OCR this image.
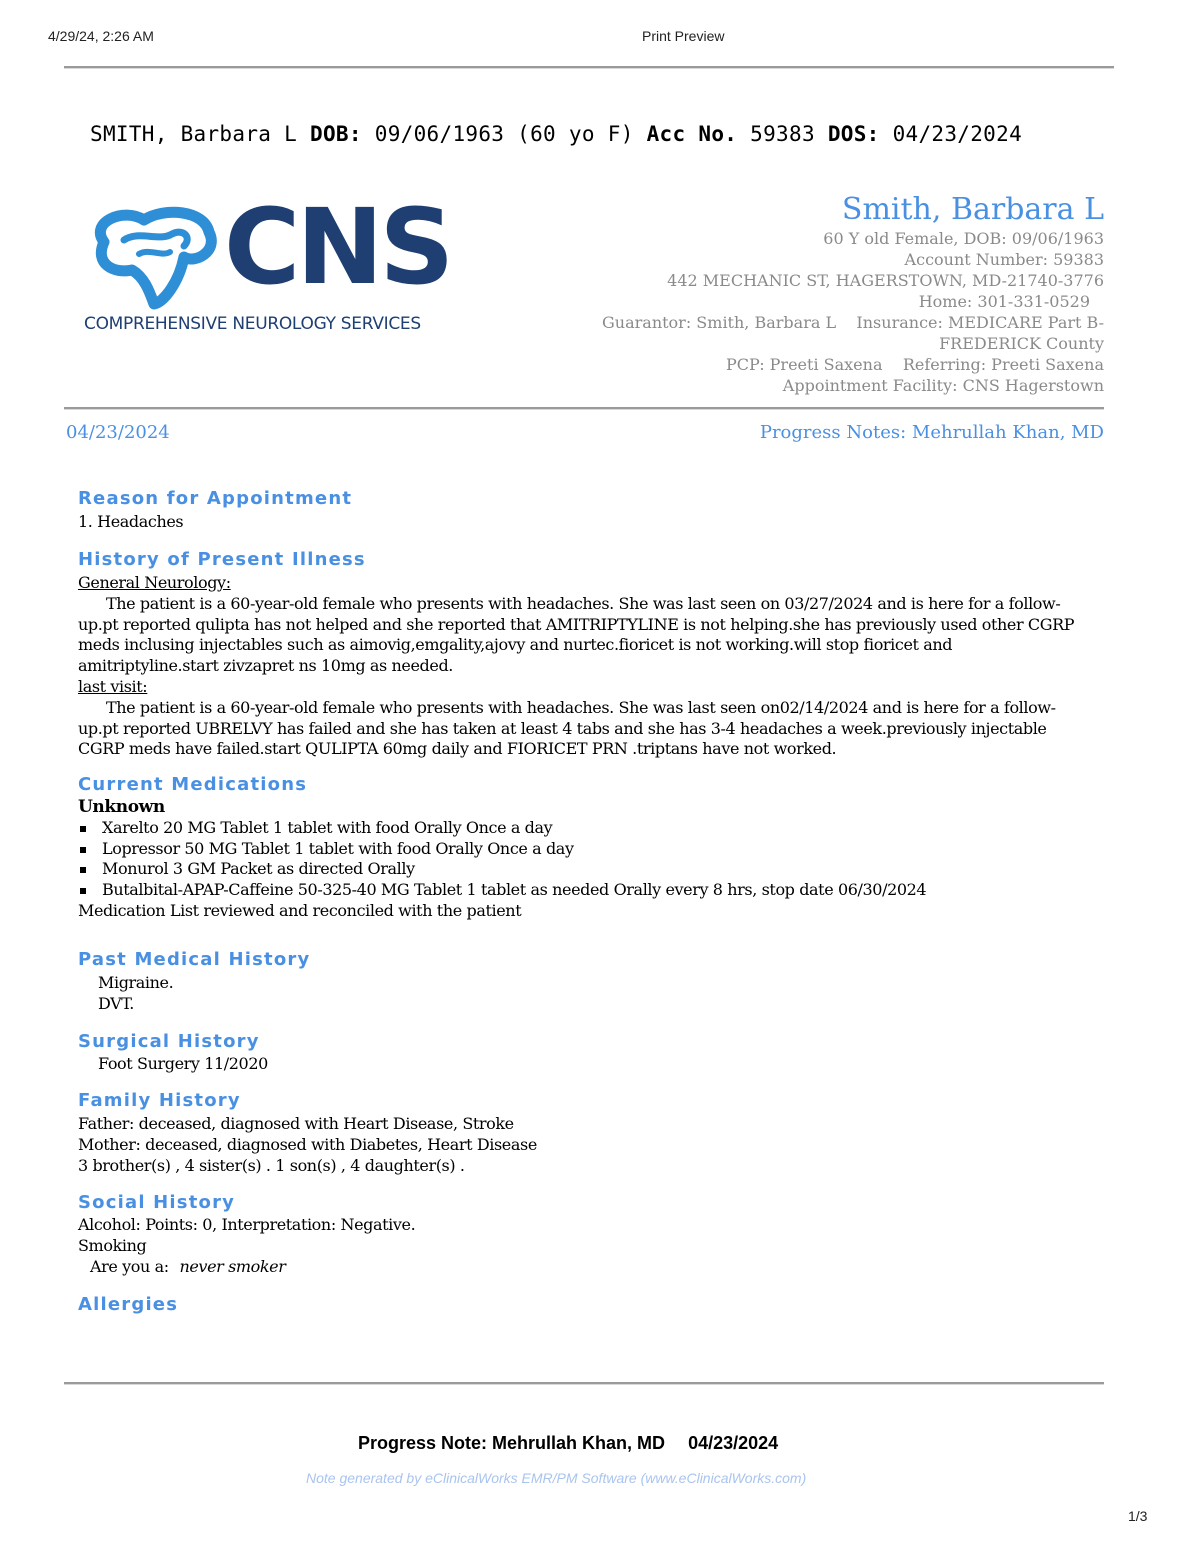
4/29/24, 2:26 AM	Print Preview
SMITH, Barbara L DOB: 09/06/1963 (60 yo F) Acc No. 59383 DOS: 04/23/2024
CNS
COMPREHENSIVE NEUROLOGY SERVICES
Smith, Barbara L
60 Y old Female, DOB: 09/06/1963
Account Number: 59383
442 MECHANIC ST, HAGERSTOWN, MD-21740-3776
Home: 301-331-0529
Guarantor: Smith, Barbara L    Insurance: MEDICARE Part B-
FREDERICK County
PCP: Preeti Saxena    Referring: Preeti Saxena
Appointment Facility: CNS Hagerstown
04/23/2024	Progress Notes: Mehrullah Khan, MD
Reason for Appointment
1. Headaches
History of Present Illness
General Neurology:
The patient is a 60-year-old female who presents with headaches. She was last seen on 03/27/2024 and is here for a follow-up.pt reported qulipta has not helped and she reported that AMITRIPTYLINE is not helping.she has previously used other CGRP meds inclusing injectables such as aimovig,emgality,ajovy and nurtec.fioricet is not working.will stop fioricet and amitriptyline.start zivzapret ns 10mg as needed.
last visit:
The patient is a 60-year-old female who presents with headaches. She was last seen on02/14/2024 and is here for a follow-up.pt reported UBRELVY has failed and she has taken at least 4 tabs and she has 3-4 headaches a week.previously injectable CGRP meds have failed.start QULIPTA 60mg daily and FIORICET PRN .triptans have not worked.
Current Medications
Unknown
Xarelto 20 MG Tablet 1 tablet with food Orally Once a day
Lopressor 50 MG Tablet 1 tablet with food Orally Once a day
Monurol 3 GM Packet as directed Orally
Butalbital-APAP-Caffeine 50-325-40 MG Tablet 1 tablet as needed Orally every 8 hrs, stop date 06/30/2024
Medication List reviewed and reconciled with the patient
Past Medical History
Migraine.
DVT.
Surgical History
Foot Surgery 11/2020
Family History
Father: deceased, diagnosed with Heart Disease, Stroke
Mother: deceased, diagnosed with Diabetes, Heart Disease
3 brother(s) , 4 sister(s) . 1 son(s) , 4 daughter(s) .
Social History
Alcohol: Points: 0, Interpretation: Negative.
Smoking
Are you a: never smoker
Allergies
Progress Note: Mehrullah Khan, MD 04/23/2024
Note generated by eClinicalWorks EMR/PM Software (www.eClinicalWorks.com)
1/3
